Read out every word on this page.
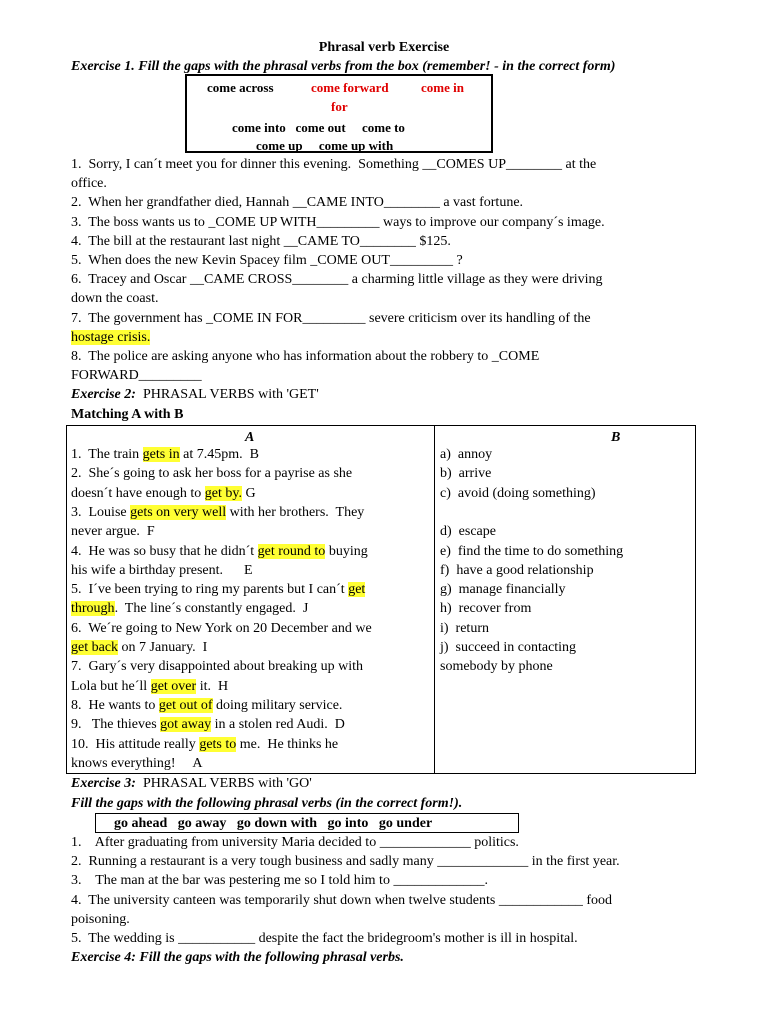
Phrasal verb Exercise
Exercise 1. Fill the gaps with the phrasal verbs from the box (remember! - in the correct form)
come across	come forward come in
for
come into   come out     come to
come up     come up with
1.  Sorry, I can´t meet you for dinner this evening.  Something __COMES UP________ at the
office.
2.  When her grandfather died, Hannah __CAME INTO________ a vast fortune.
3.  The boss wants us to _COME UP WITH_________ ways to improve our company´s image.
4.  The bill at the restaurant last night __CAME TO________ $125.
5.  When does the new Kevin Spacey film _COME OUT_________ ?
6.  Tracey and Oscar __CAME CROSS________ a charming little village as they were driving
down the coast.
7.  The government has _COME IN FOR_________ severe criticism over its handling of the
hostage crisis.
8.  The police are asking anyone who has information about the robbery to _COME
FORWARD_________
Exercise 2:  PHRASAL VERBS with 'GET'
Matching A with B
A	B
1.  The train gets in at 7.45pm.  B
2.  She´s going to ask her boss for a payrise as she
doesn´t have enough to get by. G
3.  Louise gets on very well with her brothers.  They
never argue.  F
4.  He was so busy that he didn´t get round to buying
his wife a birthday present.      E
5.  I´ve been trying to ring my parents but I can´t get
through.  The line´s constantly engaged.  J
6.  We´re going to New York on 20 December and we
get back on 7 January.  I
7.  Gary´s very disappointed about breaking up with
Lola but he´ll get over it.  H
8.  He wants to get out of doing military service.
9.   The thieves got away in a stolen red Audi.  D
10.  His attitude really gets to me.  He thinks he
knows everything!     A
a)  annoy
b)  arrive
c)  avoid (doing something)
d)  escape
e)  find the time to do something
f)  have a good relationship
g)  manage financially
h)  recover from
i)  return
j)  succeed in contacting
somebody by phone
Exercise 3:  PHRASAL VERBS with 'GO'
Fill the gaps with the following phrasal verbs (in the correct form!).
go ahead   go away   go down with   go into   go under
1.    After graduating from university Maria decided to _____________ politics.
2.  Running a restaurant is a very tough business and sadly many _____________ in the first year.
3.    The man at the bar was pestering me so I told him to _____________.
4.  The university canteen was temporarily shut down when twelve students ____________ food
poisoning.
5.  The wedding is ___________ despite the fact the bridegroom's mother is ill in hospital.
Exercise 4: Fill the gaps with the following phrasal verbs.
